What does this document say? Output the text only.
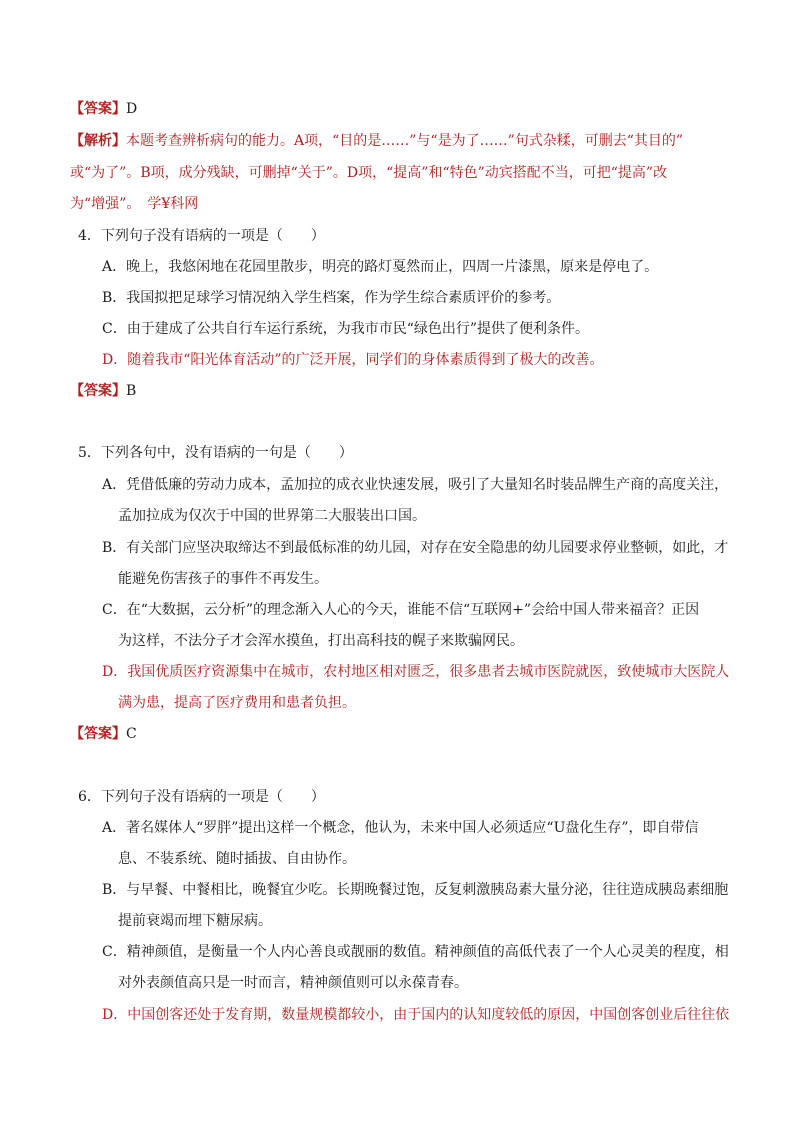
【答案】D
【解析】本题考查辨析病句的能力。A项，“目的是……”与“是为了……”句式杂糅，可删去“其目的”
或“为了”。B项，成分残缺，可删掉“关于”。D项，“提高”和“特色”动宾搭配不当，可把“提高”改
为“增强”。　学¥科网
4．下列句子没有语病的一项是（　　）
A．晚上，我悠闲地在花园里散步，明亮的路灯戛然而止，四周一片漆黑，原来是停电了。
B．我国拟把足球学习情况纳入学生档案，作为学生综合素质评价的参考。
C．由于建成了公共自行车运行系统，为我市市民“绿色出行”提供了便利条件。
D．随着我市“阳光体育活动”的广泛开展，同学们的身体素质得到了极大的改善。
【答案】B
5．下列各句中，没有语病的一句是（　　）
A．凭借低廉的劳动力成本，孟加拉的成衣业快速发展，吸引了大量知名时装品牌生产商的高度关注，
孟加拉成为仅次于中国的世界第二大服装出口国。
B．有关部门应坚决取缔达不到最低标准的幼儿园，对存在安全隐患的幼儿园要求停业整顿，如此，才
能避免伤害孩子的事件不再发生。
C．在“大数据，云分析”的理念渐入人心的今天，谁能不信“互联网+”会给中国人带来福音？正因
为这样，不法分子才会浑水摸鱼，打出高科技的幌子来欺骗网民。
D．我国优质医疗资源集中在城市，农村地区相对匮乏，很多患者去城市医院就医，致使城市大医院人
满为患，提高了医疗费用和患者负担。
【答案】C
6．下列句子没有语病的一项是（　　）
A．著名媒体人“罗胖”提出这样一个概念，他认为，未来中国人必须适应“U盘化生存”，即自带信
息、不装系统、随时插拔、自由协作。
B．与早餐、中餐相比，晚餐宜少吃。长期晚餐过饱，反复刺激胰岛素大量分泌，往往造成胰岛素细胞
提前衰竭而埋下糖尿病。
C．精神颜值，是衡量一个人内心善良或靓丽的数值。精神颜值的高低代表了一个人心灵美的程度，相
对外表颜值高只是一时而言，精神颜值则可以永葆青春。
D．中国创客还处于发育期，数量规模都较小，由于国内的认知度较低的原因，中国创客创业后往往依
